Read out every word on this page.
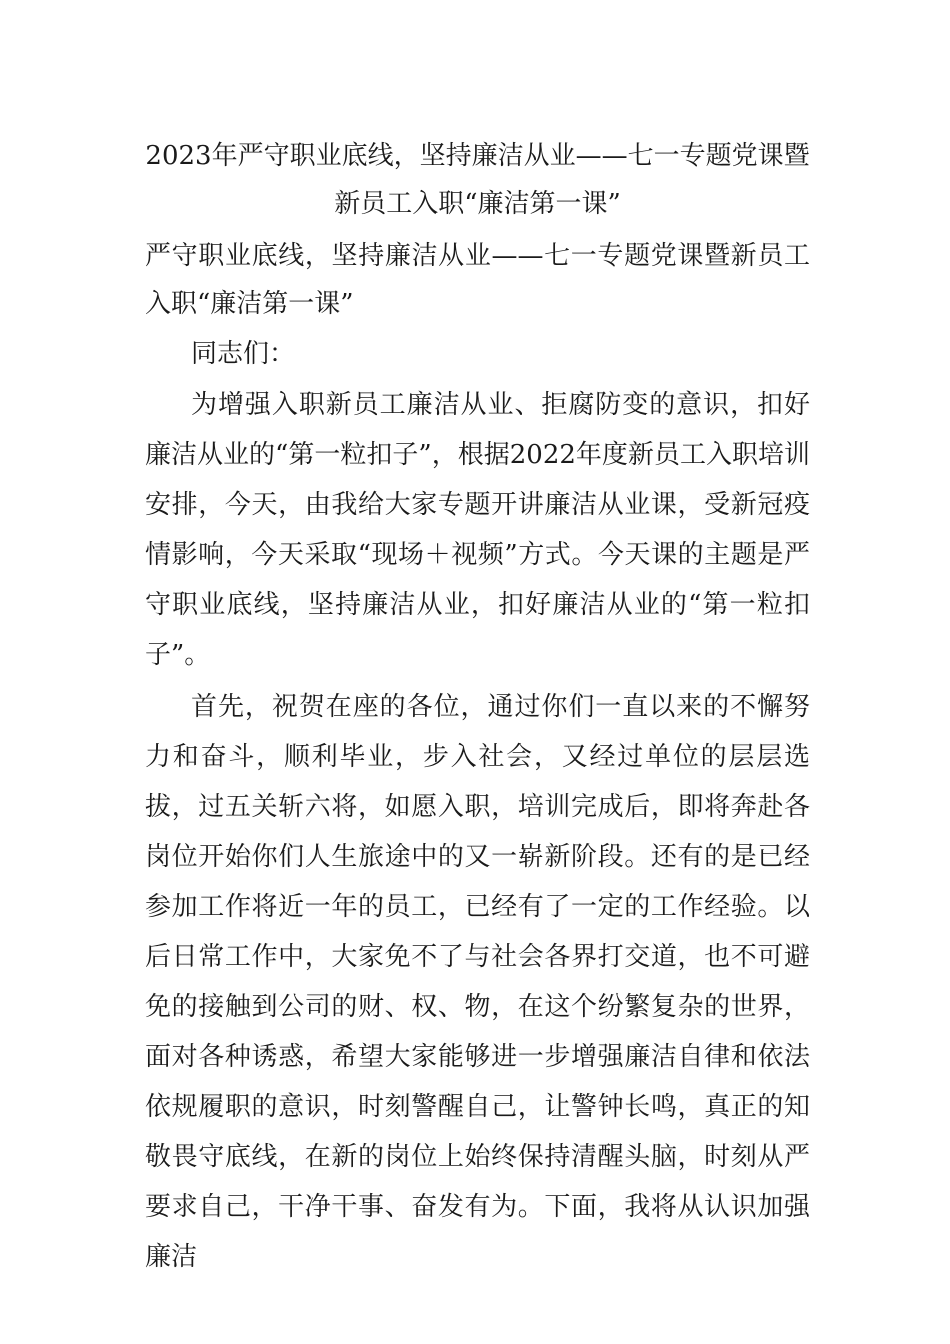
2023年严守职业底线，坚持廉洁从业——七一专题党课暨
新员工入职“廉洁第一课”
严守职业底线，坚持廉洁从业——七一专题党课暨新员工入职“廉洁第一课”
同志们：
为增强入职新员工廉洁从业、拒腐防变的意识，扣好廉洁从业的“第一粒扣子”，根据2022年度新员工入职培训安排，今天，由我给大家专题开讲廉洁从业课，受新冠疫情影响，今天采取“现场＋视频”方式。今天课的主题是严守职业底线，坚持廉洁从业，扣好廉洁从业的“第一粒扣子”。
首先，祝贺在座的各位，通过你们一直以来的不懈努力和奋斗，顺利毕业，步入社会，又经过单位的层层选拔，过五关斩六将，如愿入职，培训完成后，即将奔赴各岗位开始你们人生旅途中的又一崭新阶段。还有的是已经参加工作将近一年的员工，已经有了一定的工作经验。以后日常工作中，大家免不了与社会各界打交道，也不可避免的接触到公司的财、权、物，在这个纷繁复杂的世界，面对各种诱惑，希望大家能够进一步增强廉洁自律和依法依规履职的意识，时刻警醒自己，让警钟长鸣，真正的知敬畏守底线，在新的岗位上始终保持清醒头脑，时刻从严要求自己，干净干事、奋发有为。下面，我将从认识加强廉洁
